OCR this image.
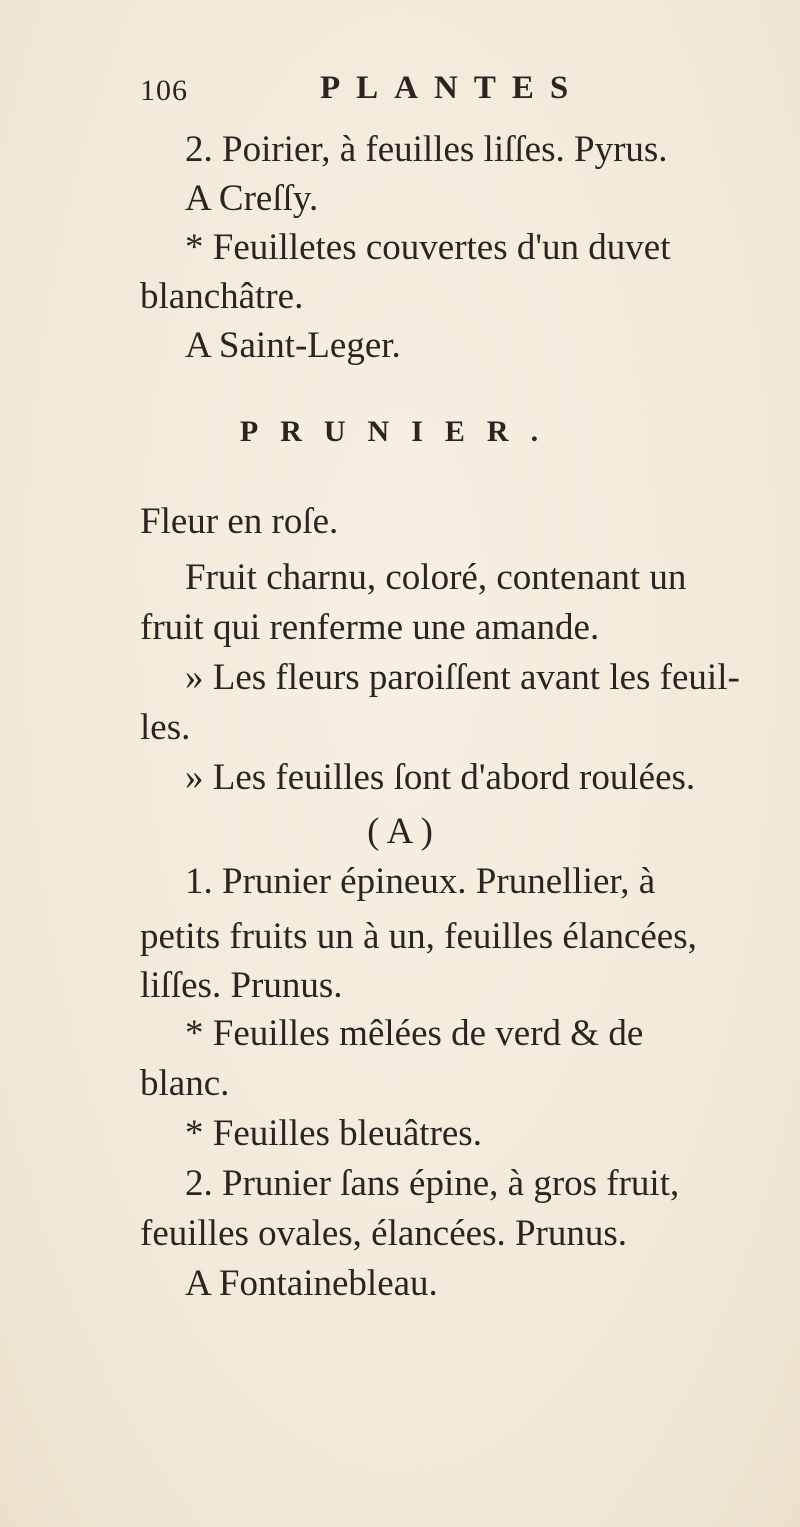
106	PLANTES
2. Poirier, à feuilles liſſes. Pyrus.
A Creſſy.
* Feuilletes couvertes d'un duvet
blanchâtre.
A Saint-Leger.
PRUNIER.
Fleur en roſe.
Fruit charnu, coloré, contenant un
fruit qui renferme une amande.
» Les fleurs paroiſſent avant les feuil-
les.
» Les feuilles ſont d'abord roulées.
( A )
1. Prunier épineux. Prunellier, à
petits fruits un à un, feuilles élancées,
liſſes. Prunus.
* Feuilles mêlées de verd & de
blanc.
* Feuilles bleuâtres.
2. Prunier ſans épine, à gros fruit,
feuilles ovales, élancées. Prunus.
A Fontainebleau.
